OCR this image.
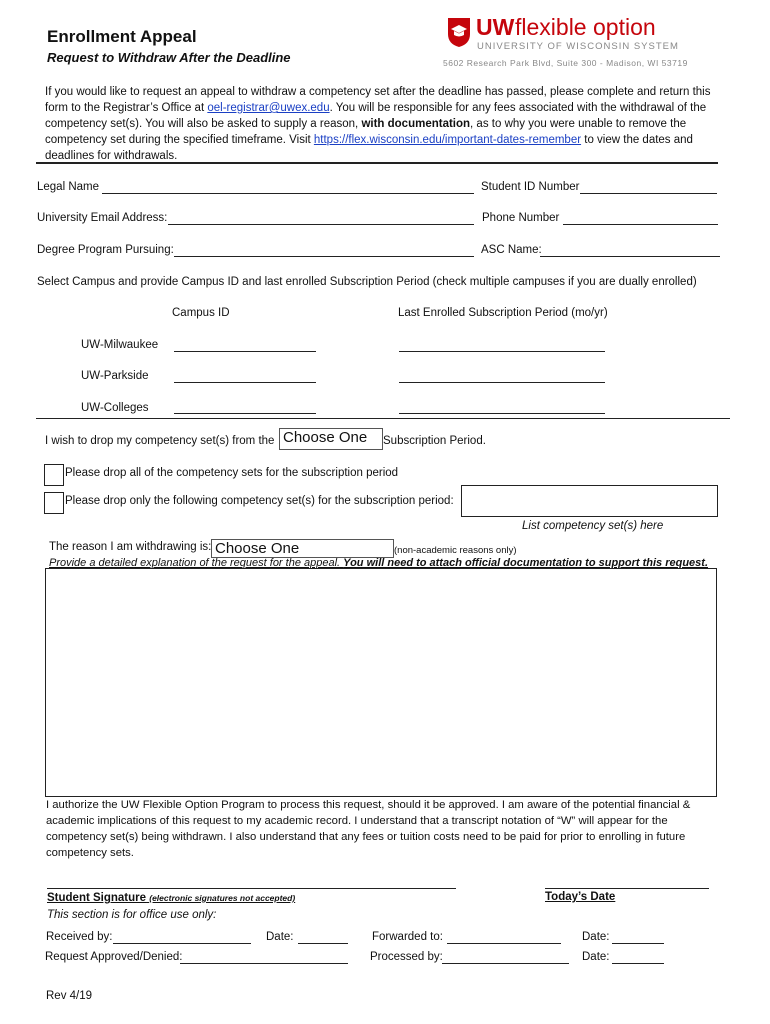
Enrollment Appeal
Request to Withdraw After the Deadline
UW flexible option
UNIVERSITY OF WISCONSIN SYSTEM
5602 Research Park Blvd, Suite 300 - Madison, WI 53719
If you would like to request an appeal to withdraw a competency set after the deadline has passed, please complete and return this form to the Registrar’s Office at oel-registrar@uwex.edu. You will be responsible for any fees associated with the withdrawal of the competency set(s). You will also be asked to supply a reason, with documentation, as to why you were unable to remove the competency set during the specified timeframe. Visit https://flex.wisconsin.edu/important-dates-remember to view the dates and deadlines for withdrawals.
Legal Name	Student ID Number
University Email Address:	Phone Number
Degree Program Pursuing:	ASC Name:
Select Campus and provide Campus ID and last enrolled Subscription Period (check multiple campuses if you are dually enrolled)
Campus ID	Last Enrolled Subscription Period (mo/yr)
UW-Milwaukee
UW-Parkside
UW-Colleges
I wish to drop my competency set(s) from the Choose One	Subscription Period.
Please drop all of the competency sets for the subscription period
Please drop only the following competency set(s) for the subscription period:
List competency set(s) here
The reason I am withdrawing is: Choose One	(non-academic reasons only)
Provide a detailed explanation of the request for the appeal. You will need to attach official documentation to support this request.
I authorize the UW Flexible Option Program to process this request, should it be approved. I am aware of the potential financial & academic implications of this request to my academic record. I understand that a transcript notation of “W” will appear for the competency set(s) being withdrawn. I also understand that any fees or tuition costs need to be paid for prior to enrolling in future competency sets.
Student Signature (electronic signatures not accepted)	Today’s Date
This section is for office use only:
Received by:	Date:	Forwarded to:	Date:
Request Approved/Denied:	Processed by:	Date:
Rev 4/19
